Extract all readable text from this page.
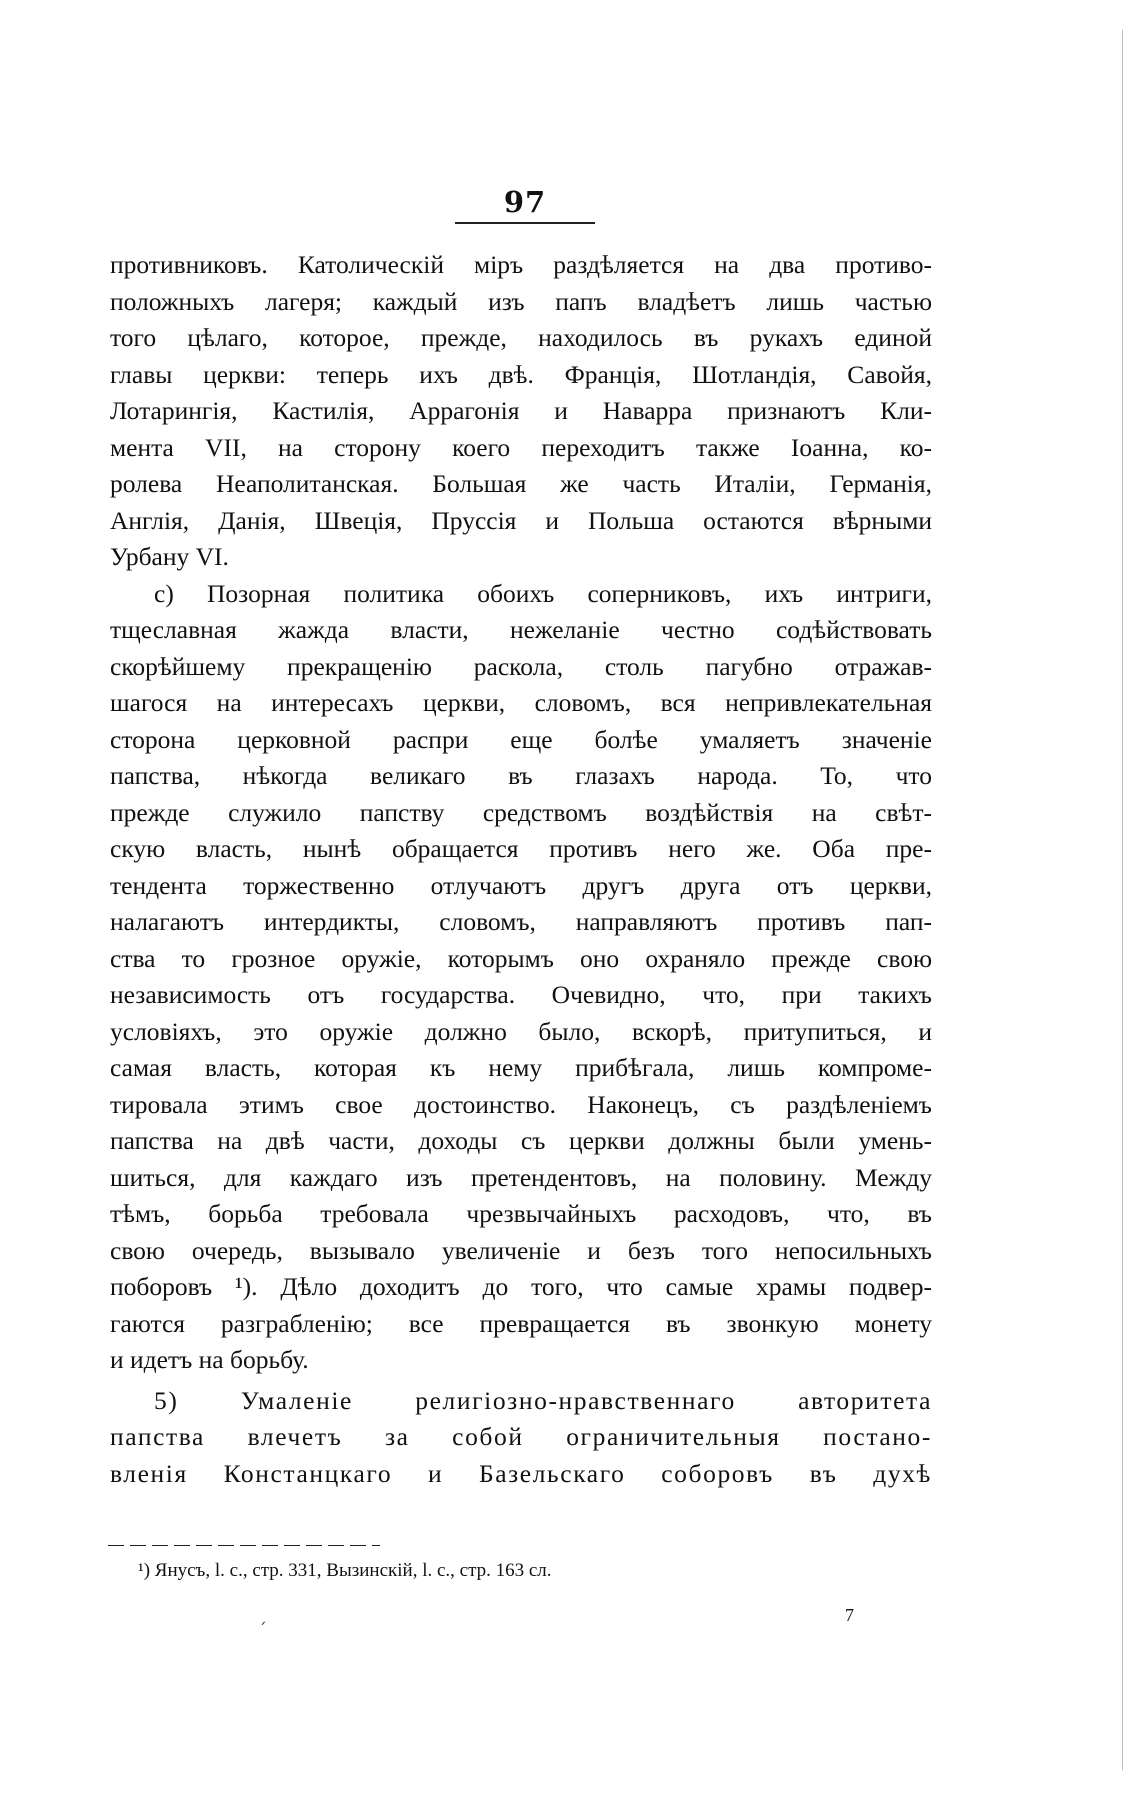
97
противниковъ. Католическій міръ раздѣляется на два противо-
положныхъ лагеря; каждый изъ папъ владѣетъ лишь частью
того цѣлаго, которое, прежде, находилось въ рукахъ единой
главы церкви: теперь ихъ двѣ. Франція, Шотландія, Савойя,
Лотарингія, Кастилія, Аррагонія и Наварра признаютъ Кли-
мента VII, на сторону коего переходитъ также Іоанна, ко-
ролева Неаполитанская. Большая же часть Италіи, Германія,
Англія, Данія, Швеція, Пруссія и Польша остаются вѣрными
Урбану VI.
c) Позорная политика обоихъ соперниковъ, ихъ интриги,
тщеславная жажда власти, нежеланіе честно содѣйствовать
скорѣйшему прекращенію раскола, столь пагубно отражав-
шагося на интересахъ церкви, словомъ, вся непривлекательная
сторона церковной распри еще болѣе умаляетъ значеніе
папства, нѣкогда великаго въ глазахъ народа. То, что
прежде служило папству средствомъ воздѣйствія на свѣт-
скую власть, нынѣ обращается противъ него же. Оба пре-
тендента торжественно отлучаютъ другъ друга отъ церкви,
налагаютъ интердикты, словомъ, направляютъ противъ пап-
ства то грозное оружіе, которымъ оно охраняло прежде свою
независимость отъ государства. Очевидно, что, при такихъ
условіяхъ, это оружіе должно было, вскорѣ, притупиться, и
самая власть, которая къ нему прибѣгала, лишь компроме-
тировала этимъ свое достоинство. Наконецъ, съ раздѣленіемъ
папства на двѣ части, доходы съ церкви должны были умень-
шиться, для каждаго изъ претендентовъ, на половину. Между
тѣмъ, борьба требовала чрезвычайныхъ расходовъ, что, въ
свою очередь, вызывало увеличеніе и безъ того непосильныхъ
поборовъ ¹). Дѣло доходитъ до того, что самые храмы подвер-
гаются разграбленію; все превращается въ звонкую монету
и идетъ на борьбу.
5) Умаленіе религіозно-нравственнаго авторитета
папства влечетъ за собой ограничительныя постано-
вленія Констанцкаго и Базельскаго соборовъ въ духѣ
¹) Янусъ, l. c., стр. 331, Вызинскій, l. c., стр. 163 сл.
7
ˊ
